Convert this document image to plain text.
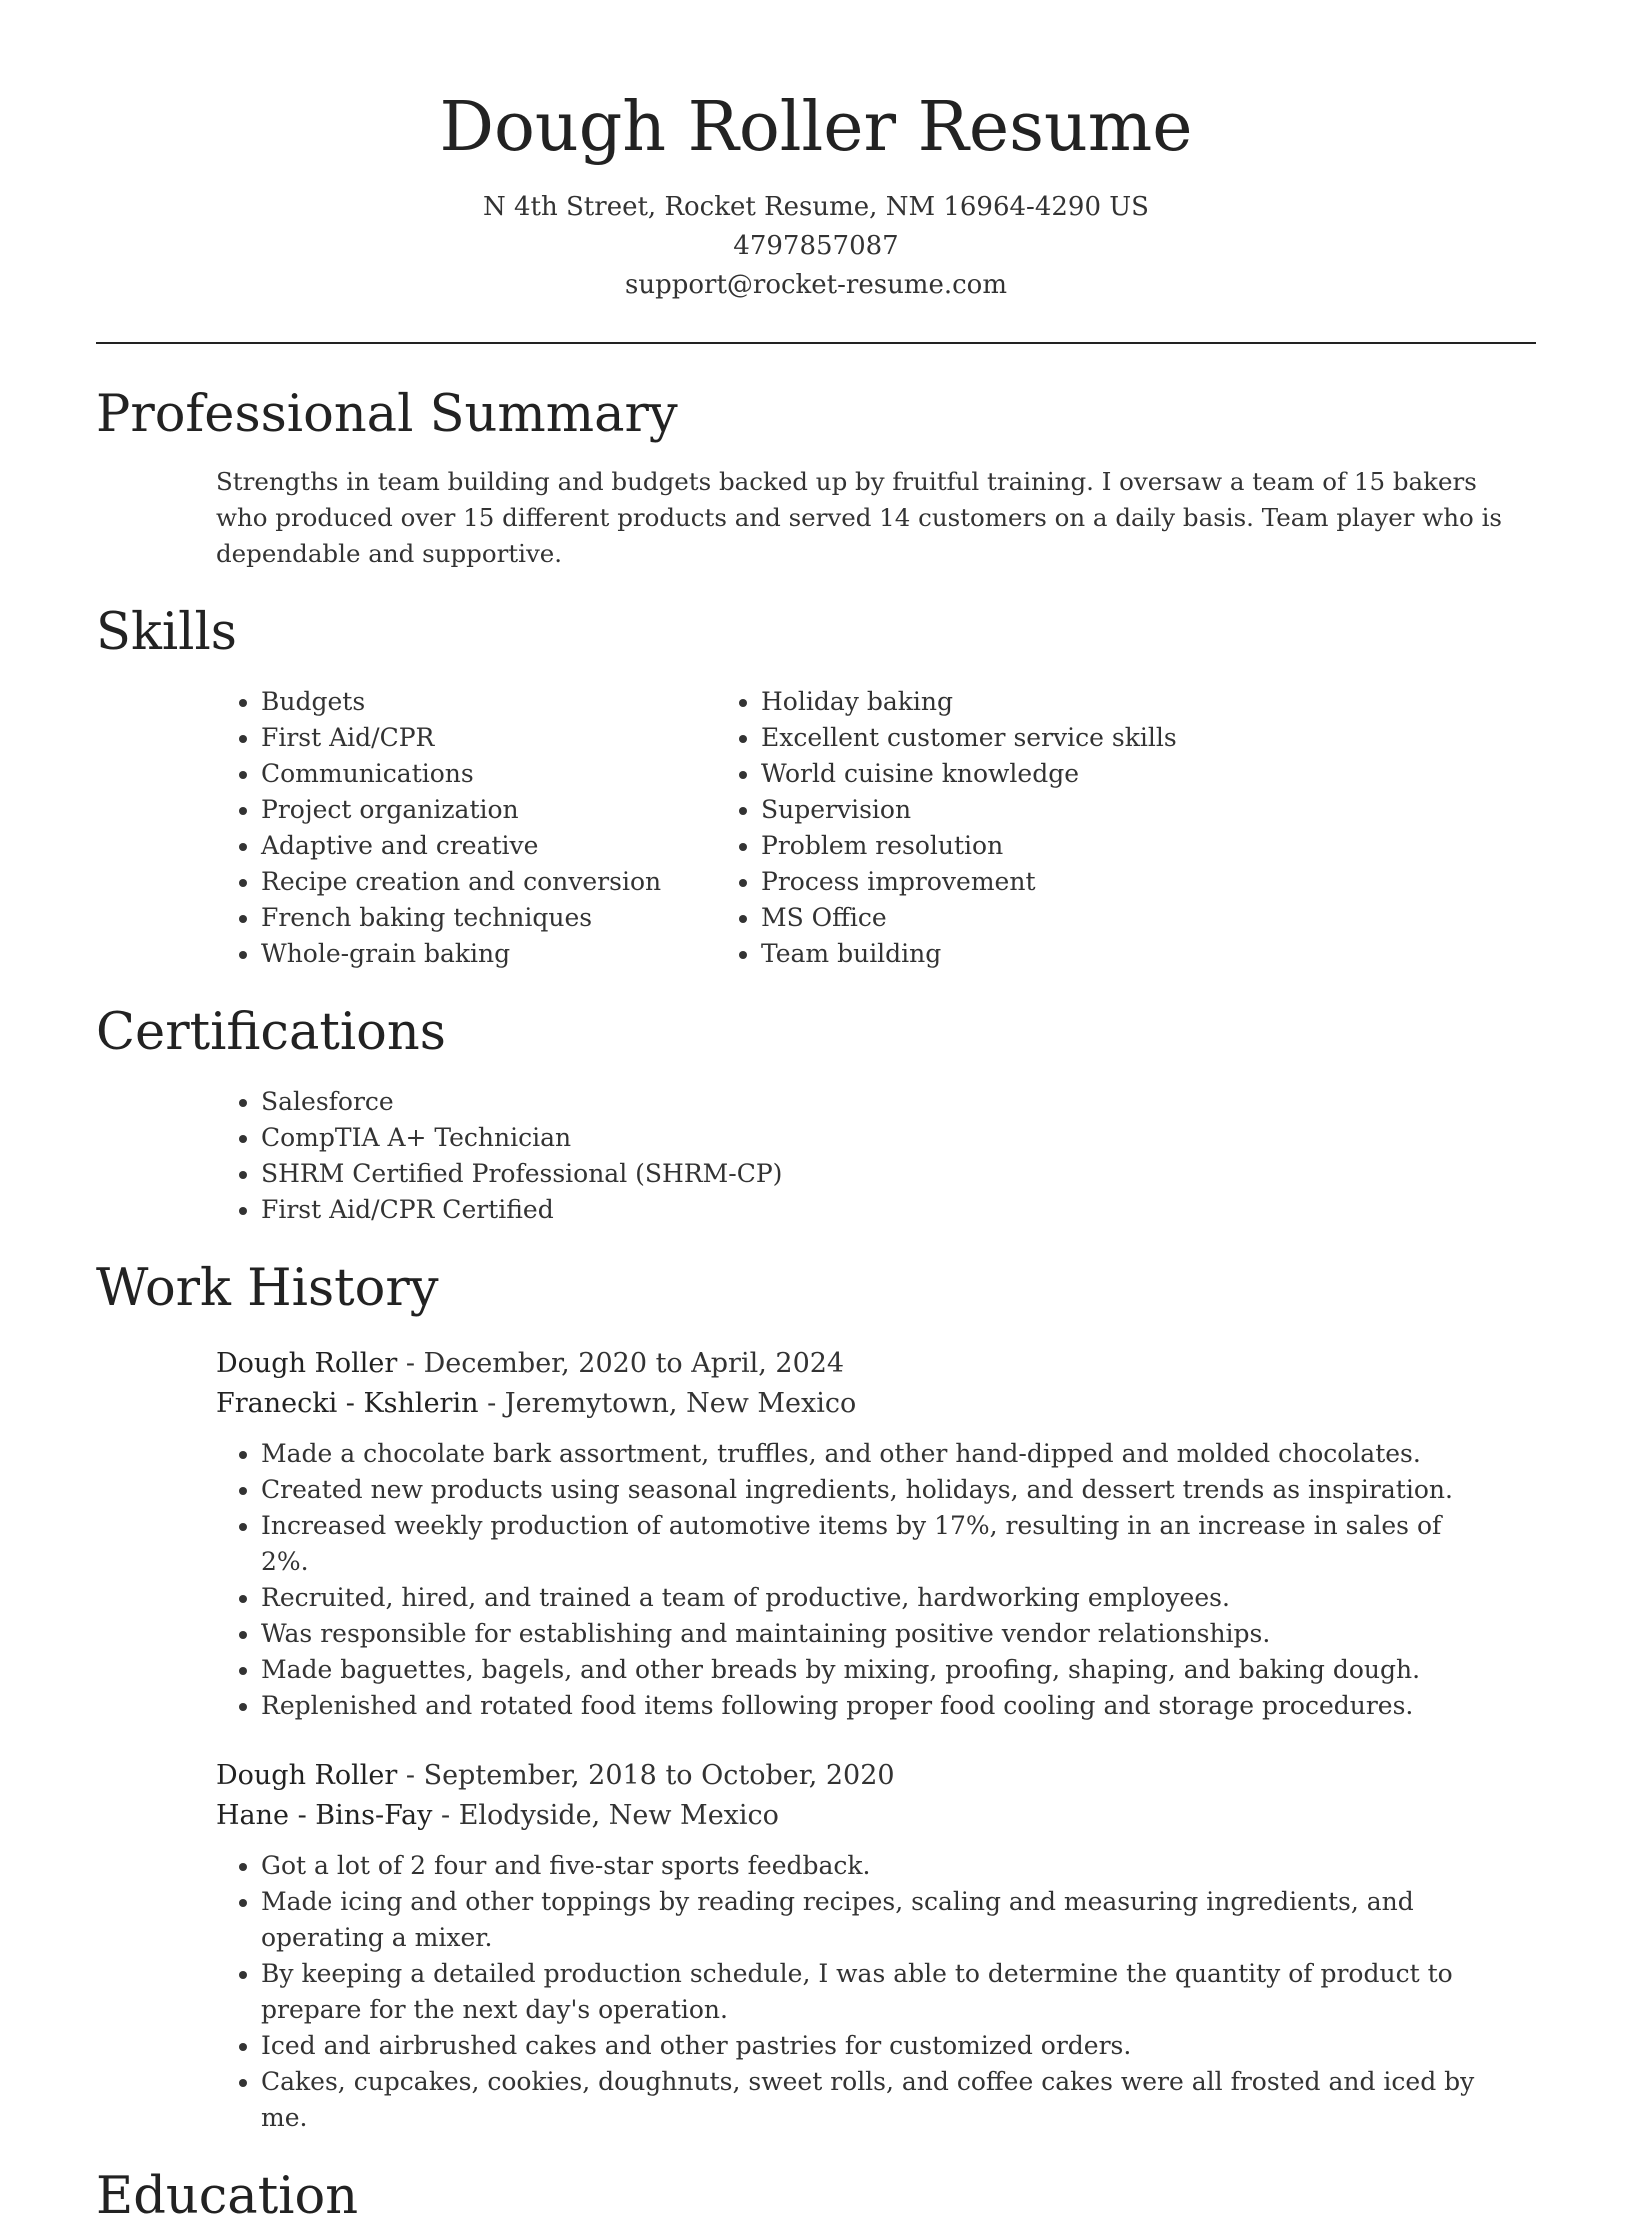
Dough Roller Resume
N 4th Street, Rocket Resume, NM 16964-4290 US
4797857087
support@rocket-resume.com
Professional Summary
Strengths in team building and budgets backed up by fruitful training. I oversaw a team of 15 bakers who produced over 15 different products and served 14 customers on a daily basis. Team player who is dependable and supportive.
Skills
• Budgets
• First Aid/CPR
• Communications
• Project organization
• Adaptive and creative
• Recipe creation and conversion
• French baking techniques
• Whole-grain baking
• Holiday baking
• Excellent customer service skills
• World cuisine knowledge
• Supervision
• Problem resolution
• Process improvement
• MS Office
• Team building
Certifications
• Salesforce
• CompTIA A+ Technician
• SHRM Certified Professional (SHRM-CP)
• First Aid/CPR Certified
Work History
Dough Roller - December, 2020 to April, 2024
Franecki - Kshlerin - Jeremytown, New Mexico
• Made a chocolate bark assortment, truffles, and other hand-dipped and molded chocolates.
• Created new products using seasonal ingredients, holidays, and dessert trends as inspiration.
• Increased weekly production of automotive items by 17%, resulting in an increase in sales of 2%.
• Recruited, hired, and trained a team of productive, hardworking employees.
• Was responsible for establishing and maintaining positive vendor relationships.
• Made baguettes, bagels, and other breads by mixing, proofing, shaping, and baking dough.
• Replenished and rotated food items following proper food cooling and storage procedures.
Dough Roller - September, 2018 to October, 2020
Hane - Bins-Fay - Elodyside, New Mexico
• Got a lot of 2 four and five-star sports feedback.
• Made icing and other toppings by reading recipes, scaling and measuring ingredients, and operating a mixer.
• By keeping a detailed production schedule, I was able to determine the quantity of product to prepare for the next day's operation.
• Iced and airbrushed cakes and other pastries for customized orders.
• Cakes, cupcakes, cookies, doughnuts, sweet rolls, and coffee cakes were all frosted and iced by me.
Education
